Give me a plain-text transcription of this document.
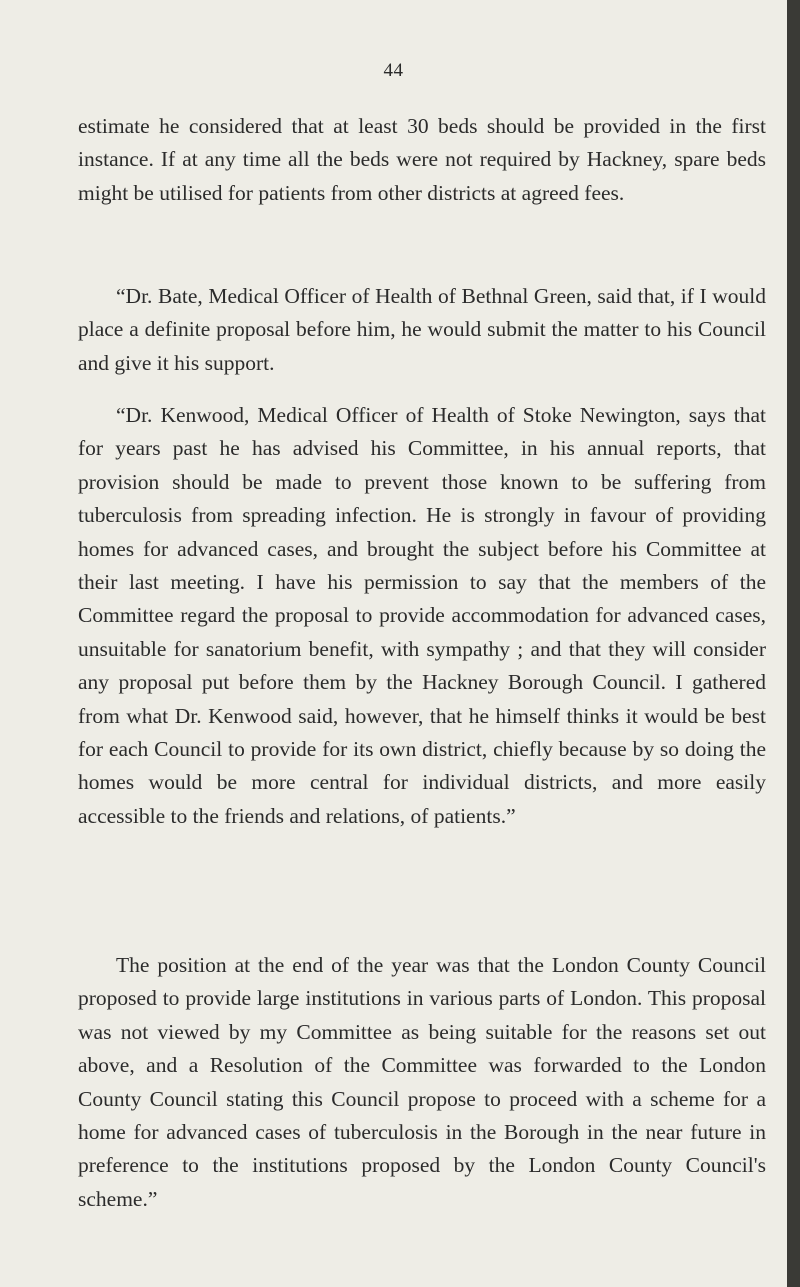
44

estimate he considered that at least 30 beds should be provided in the first instance. If at any time all the beds were not required by Hackney, spare beds might be utilised for patients from other districts at agreed fees.

“Dr. Bate, Medical Officer of Health of Bethnal Green, said that, if I would place a definite proposal before him, he would submit the matter to his Council and give it his support.

“Dr. Kenwood, Medical Officer of Health of Stoke Newington, says that for years past he has advised his Committee, in his annual reports, that provision should be made to prevent those known to be suffering from tuberculosis from spreading infection. He is strongly in favour of providing homes for advanced cases, and brought the subject before his Committee at their last meeting. I have his permission to say that the members of the Committee regard the proposal to provide accommodation for advanced cases, unsuitable for sanatorium benefit, with sympathy ; and that they will consider any proposal put before them by the Hackney Borough Council. I gathered from what Dr. Kenwood said, however, that he himself thinks it would be best for each Council to provide for its own district, chiefly because by so doing the homes would be more central for individual districts, and more easily accessible to the friends and relations, of patients.”

The position at the end of the year was that the London County Council proposed to provide large institutions in various parts of London. This proposal was not viewed by my Committee as being suitable for the reasons set out above, and a Resolution of the Committee was forwarded to the London County Council stating this Council propose to proceed with a scheme for a home for advanced cases of tuberculosis in the Borough in the near future in preference to the institutions proposed by the London County Council's scheme.”
